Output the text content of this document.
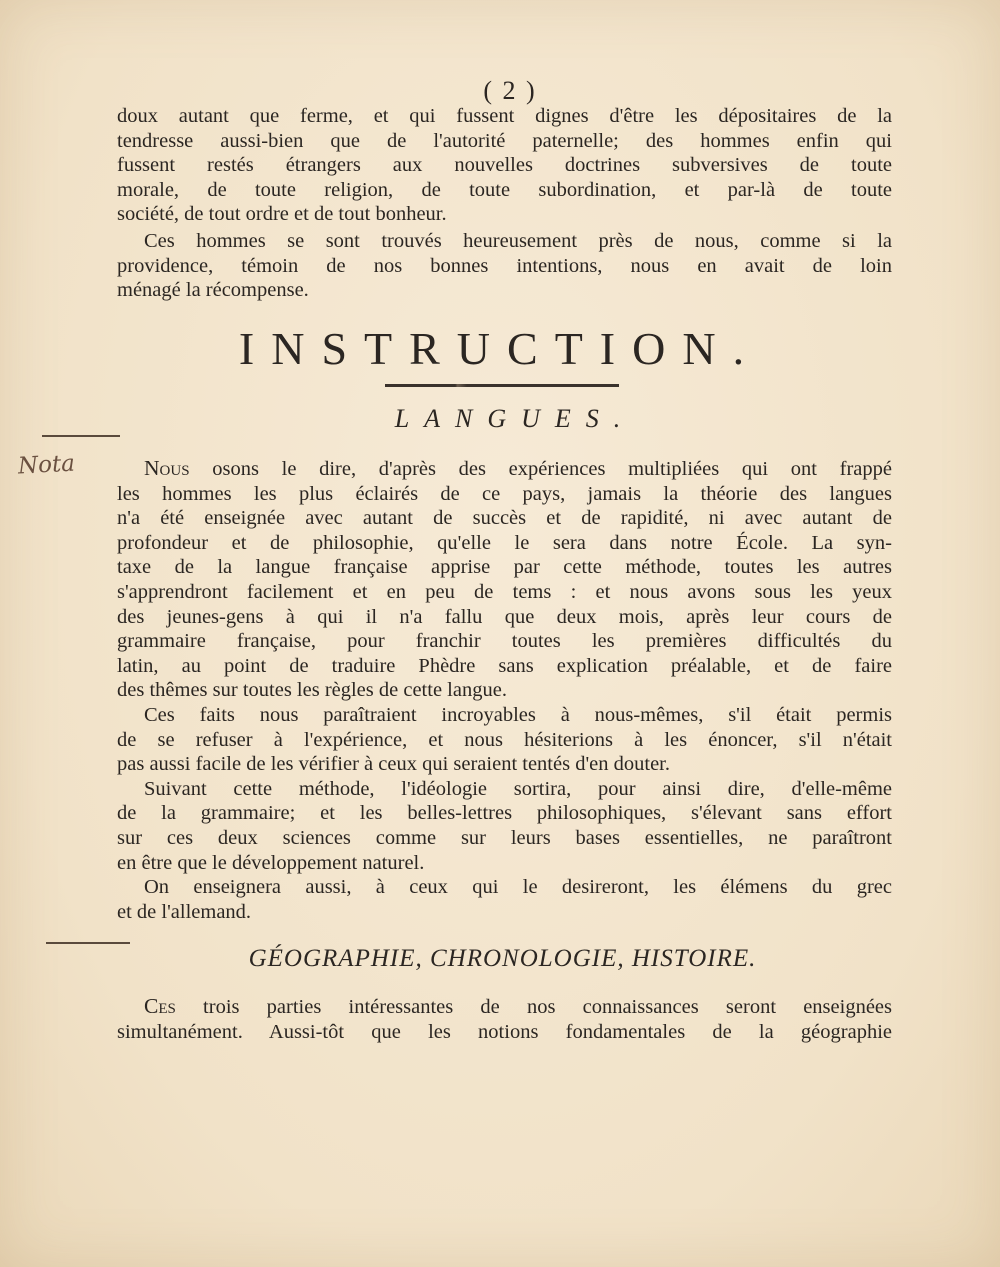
( 2 )
doux autant que ferme, et qui fussent dignes d'être les dépositaires de la
tendresse aussi-bien que de l'autorité paternelle; des hommes enfin qui
fussent restés étrangers aux nouvelles doctrines subversives de toute
morale, de toute religion, de toute subordination, et par-là de toute
société, de tout ordre et de tout bonheur.
Ces hommes se sont trouvés heureusement près de nous, comme si la
providence, témoin de nos bonnes intentions, nous en avait de loin
ménagé la récompense.
INSTRUCTION.
LANGUES.
Nota	Nous osons le dire, d'après des expériences multipliées qui ont frappé
les hommes les plus éclairés de ce pays, jamais la théorie des langues
n'a été enseignée avec autant de succès et de rapidité, ni avec autant de
profondeur et de philosophie, qu'elle le sera dans notre École. La syn-
taxe de la langue française apprise par cette méthode, toutes les autres
s'apprendront facilement et en peu de tems : et nous avons sous les yeux
des jeunes-gens à qui il n'a fallu que deux mois, après leur cours de
grammaire française, pour franchir toutes les premières difficultés du
latin, au point de traduire Phèdre sans explication préalable, et de faire
des thêmes sur toutes les règles de cette langue.
Ces faits nous paraîtraient incroyables à nous-mêmes, s'il était permis
de se refuser à l'expérience, et nous hésiterions à les énoncer, s'il n'était
pas aussi facile de les vérifier à ceux qui seraient tentés d'en douter.
Suivant cette méthode, l'idéologie sortira, pour ainsi dire, d'elle-même
de la grammaire; et les belles-lettres philosophiques, s'élevant sans effort
sur ces deux sciences comme sur leurs bases essentielles, ne paraîtront
en être que le développement naturel.
On enseignera aussi, à ceux qui le desireront, les élémens du grec
et de l'allemand.
GÉOGRAPHIE, CHRONOLOGIE, HISTOIRE.
Ces trois parties intéressantes de nos connaissances seront enseignées
simultanément. Aussi-tôt que les notions fondamentales de la géographie
